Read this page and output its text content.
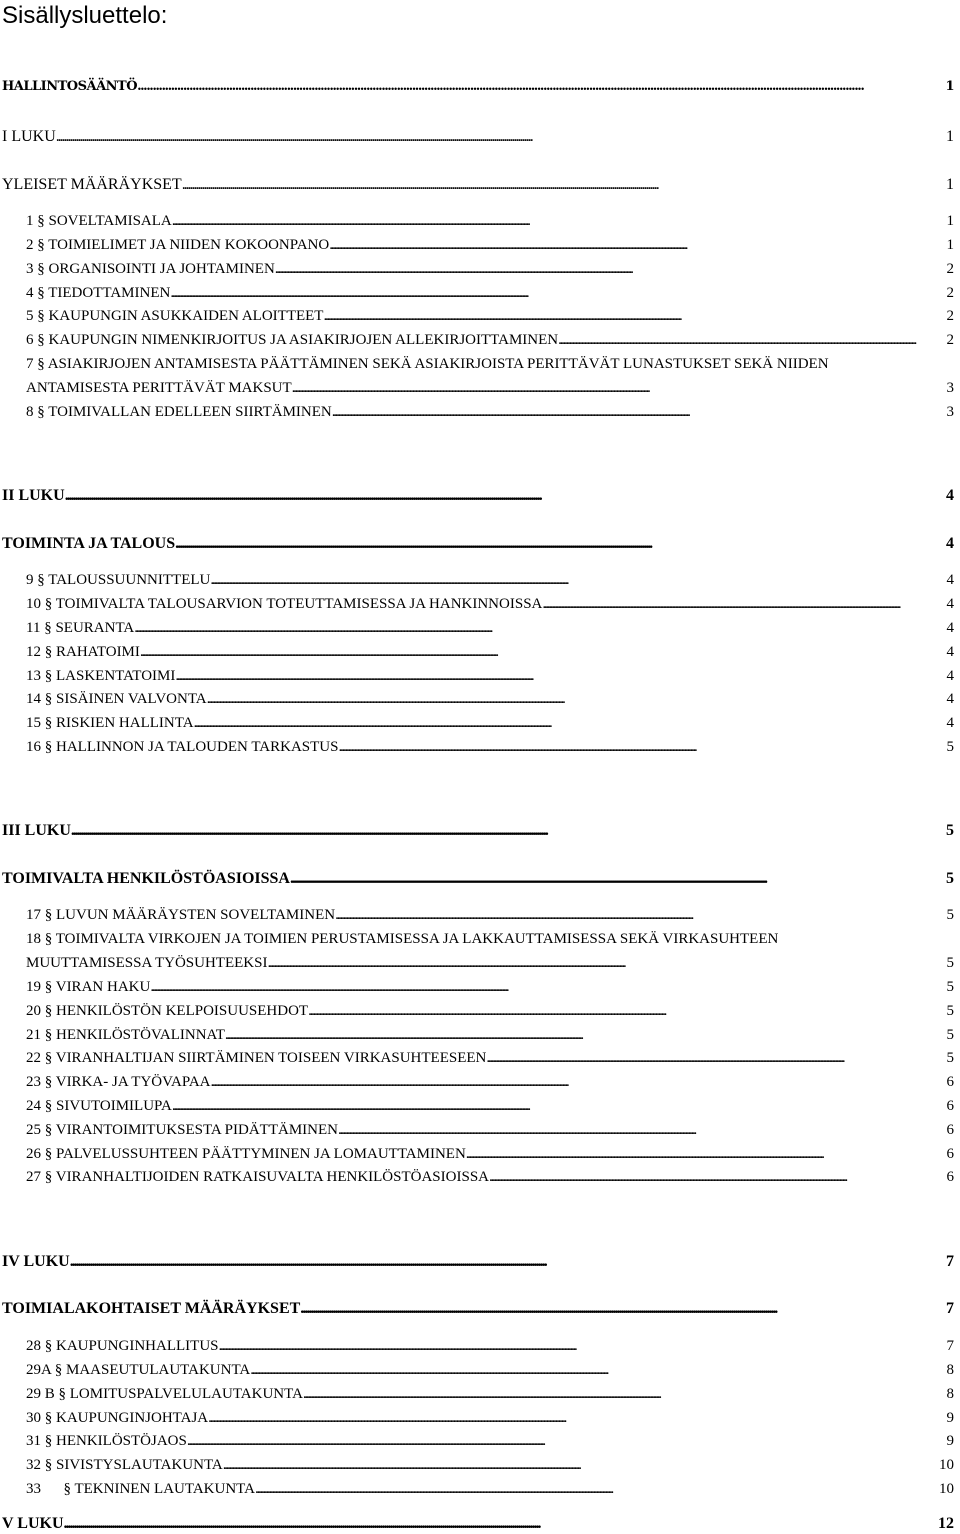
Sisällysluettelo:
HALLINTOSÄÄNTÖ . . .	1
I LUKU . . .	1
YLEISET MÄÄRÄYKSET . . .	1
1 § SOVELTAMISALA . . .	1
2 § TOIMIELIMET JA NIIDEN KOKOONPANO . . .	1
3 § ORGANISOINTI JA JOHTAMINEN . . .	2
4 § TIEDOTTAMINEN . . .	2
5 § KAUPUNGIN ASUKKAIDEN ALOITTEET . . .	2
6 § KAUPUNGIN NIMENKIRJOITUS JA ASIAKIRJOJEN ALLEKIRJOITTAMINEN . . .	2
7 § ASIAKIRJOJEN ANTAMISESTA PÄÄTTÄMINEN SEKÄ ASIAKIRJOISTA PERITTÄVÄT LUNASTUKSET SEKÄ NIIDEN
ANTAMISESTA PERITTÄVÄT MAKSUT . . .	3
8 § TOIMIVALLAN EDELLEEN SIIRTÄMINEN . . .	3
II LUKU . . .	4
TOIMINTA JA TALOUS . . .	4
9 § TALOUSSUUNNITTELU . . .	4
10 § TOIMIVALTA TALOUSARVION TOTEUTTAMISESSA JA HANKINNOISSA . . .	4
11 § SEURANTA . . .	4
12 § RAHATOIMI . . .	4
13 § LASKENTATOIMI . . .	4
14 § SISÄINEN VALVONTA . . .	4
15 § RISKIEN HALLINTA . . .	4
16 § HALLINNON JA TALOUDEN TARKASTUS . . .	5
III LUKU . . .	5
TOIMIVALTA HENKILÖSTÖASIOISSA . . .	5
17 § LUVUN MÄÄRÄYSTEN SOVELTAMINEN . . .	5
18 § TOIMIVALTA VIRKOJEN JA TOIMIEN PERUSTAMISESSA JA LAKKAUTTAMISESSA SEKÄ VIRKASUHTEEN
MUUTTAMISESSA TYÖSUHTEEKSI . . .	5
19 § VIRAN HAKU . . .	5
20 § HENKILÖSTÖN KELPOISUUSEHDOT . . .	5
21 § HENKILÖSTÖVALINNAT . . .	5
22 § VIRANHALTIJAN SIIRTÄMINEN TOISEEN VIRKASUHTEESEEN . . .	5
23 § VIRKA- JA TYÖVAPAA . . .	6
24 § SIVUTOIMILUPA . . .	6
25 § VIRANTOIMITUKSESTA PIDÄTTÄMINEN . . .	6
26 § PALVELUSSUHTEEN PÄÄTTYMINEN JA LOMAUTTAMINEN . . .	6
27 § VIRANHALTIJOIDEN RATKAISUVALTA HENKILÖSTÖASIOISSA . . .	6
IV LUKU . . .	7
TOIMIALAKOHTAISET MÄÄRÄYKSET . . .	7
28 § KAUPUNGINHALLITUS . . .	7
29A § MAASEUTULAUTAKUNTA . . .	8
29 B § LOMITUSPALVELULAUTAKUNTA . . .	8
30 § KAUPUNGINJOHTAJA . . .	9
31 § HENKILÖSTÖJAOS . . .	9
32 § SIVISTYSLAUTAKUNTA . . .	10
33      § TEKNINEN LAUTAKUNTA . . .	10
V LUKU . . .	12
